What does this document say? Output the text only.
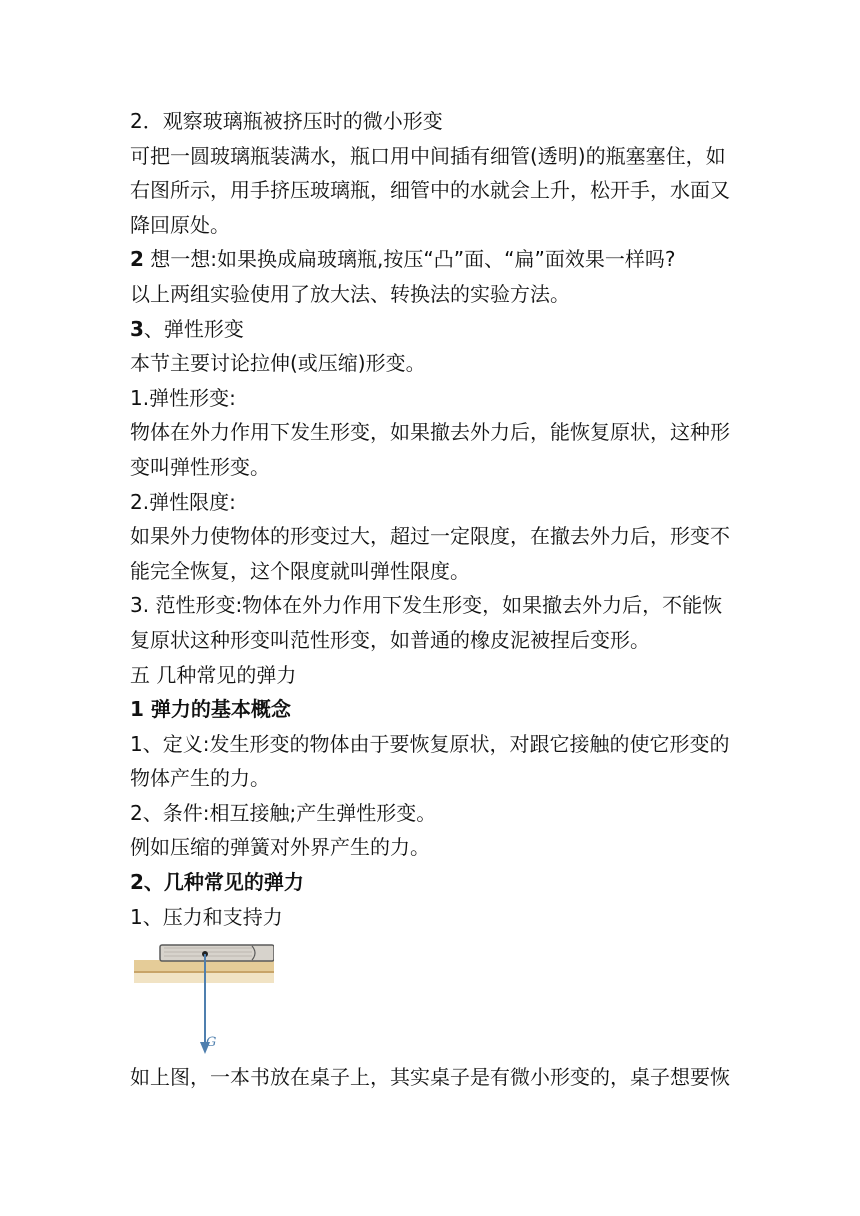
2．观察玻璃瓶被挤压时的微小形变

可把一圆玻璃瓶装满水，瓶口用中间插有细管(透明)的瓶塞塞住，如

右图所示，用手挤压玻璃瓶，细管中的水就会上升，松开手，水面又

降回原处。

2 想一想:如果换成扁玻璃瓶,按压“凸”面、“扁”面效果一样吗?

以上两组实验使用了放大法、转换法的实验方法。

3、弹性形变

本节主要讨论拉伸(或压缩)形变。

1.弹性形变:

物体在外力作用下发生形变，如果撤去外力后，能恢复原状，这种形

变叫弹性形变。

2.弹性限度:

如果外力使物体的形变过大，超过一定限度，在撤去外力后，形变不

能完全恢复，这个限度就叫弹性限度。

3. 范性形变:物体在外力作用下发生形变，如果撤去外力后，不能恢

复原状这种形变叫范性形变，如普通的橡皮泥被捏后变形。

五 几种常见的弹力

1 弹力的基本概念

1、定义:发生形变的物体由于要恢复原状，对跟它接触的使它形变的

物体产生的力。

2、条件:相互接触;产生弹性形变。

例如压缩的弹簧对外界产生的力。

2、几种常见的弹力

1、压力和支持力

G

如上图，一本书放在桌子上，其实桌子是有微小形变的，桌子想要恢
